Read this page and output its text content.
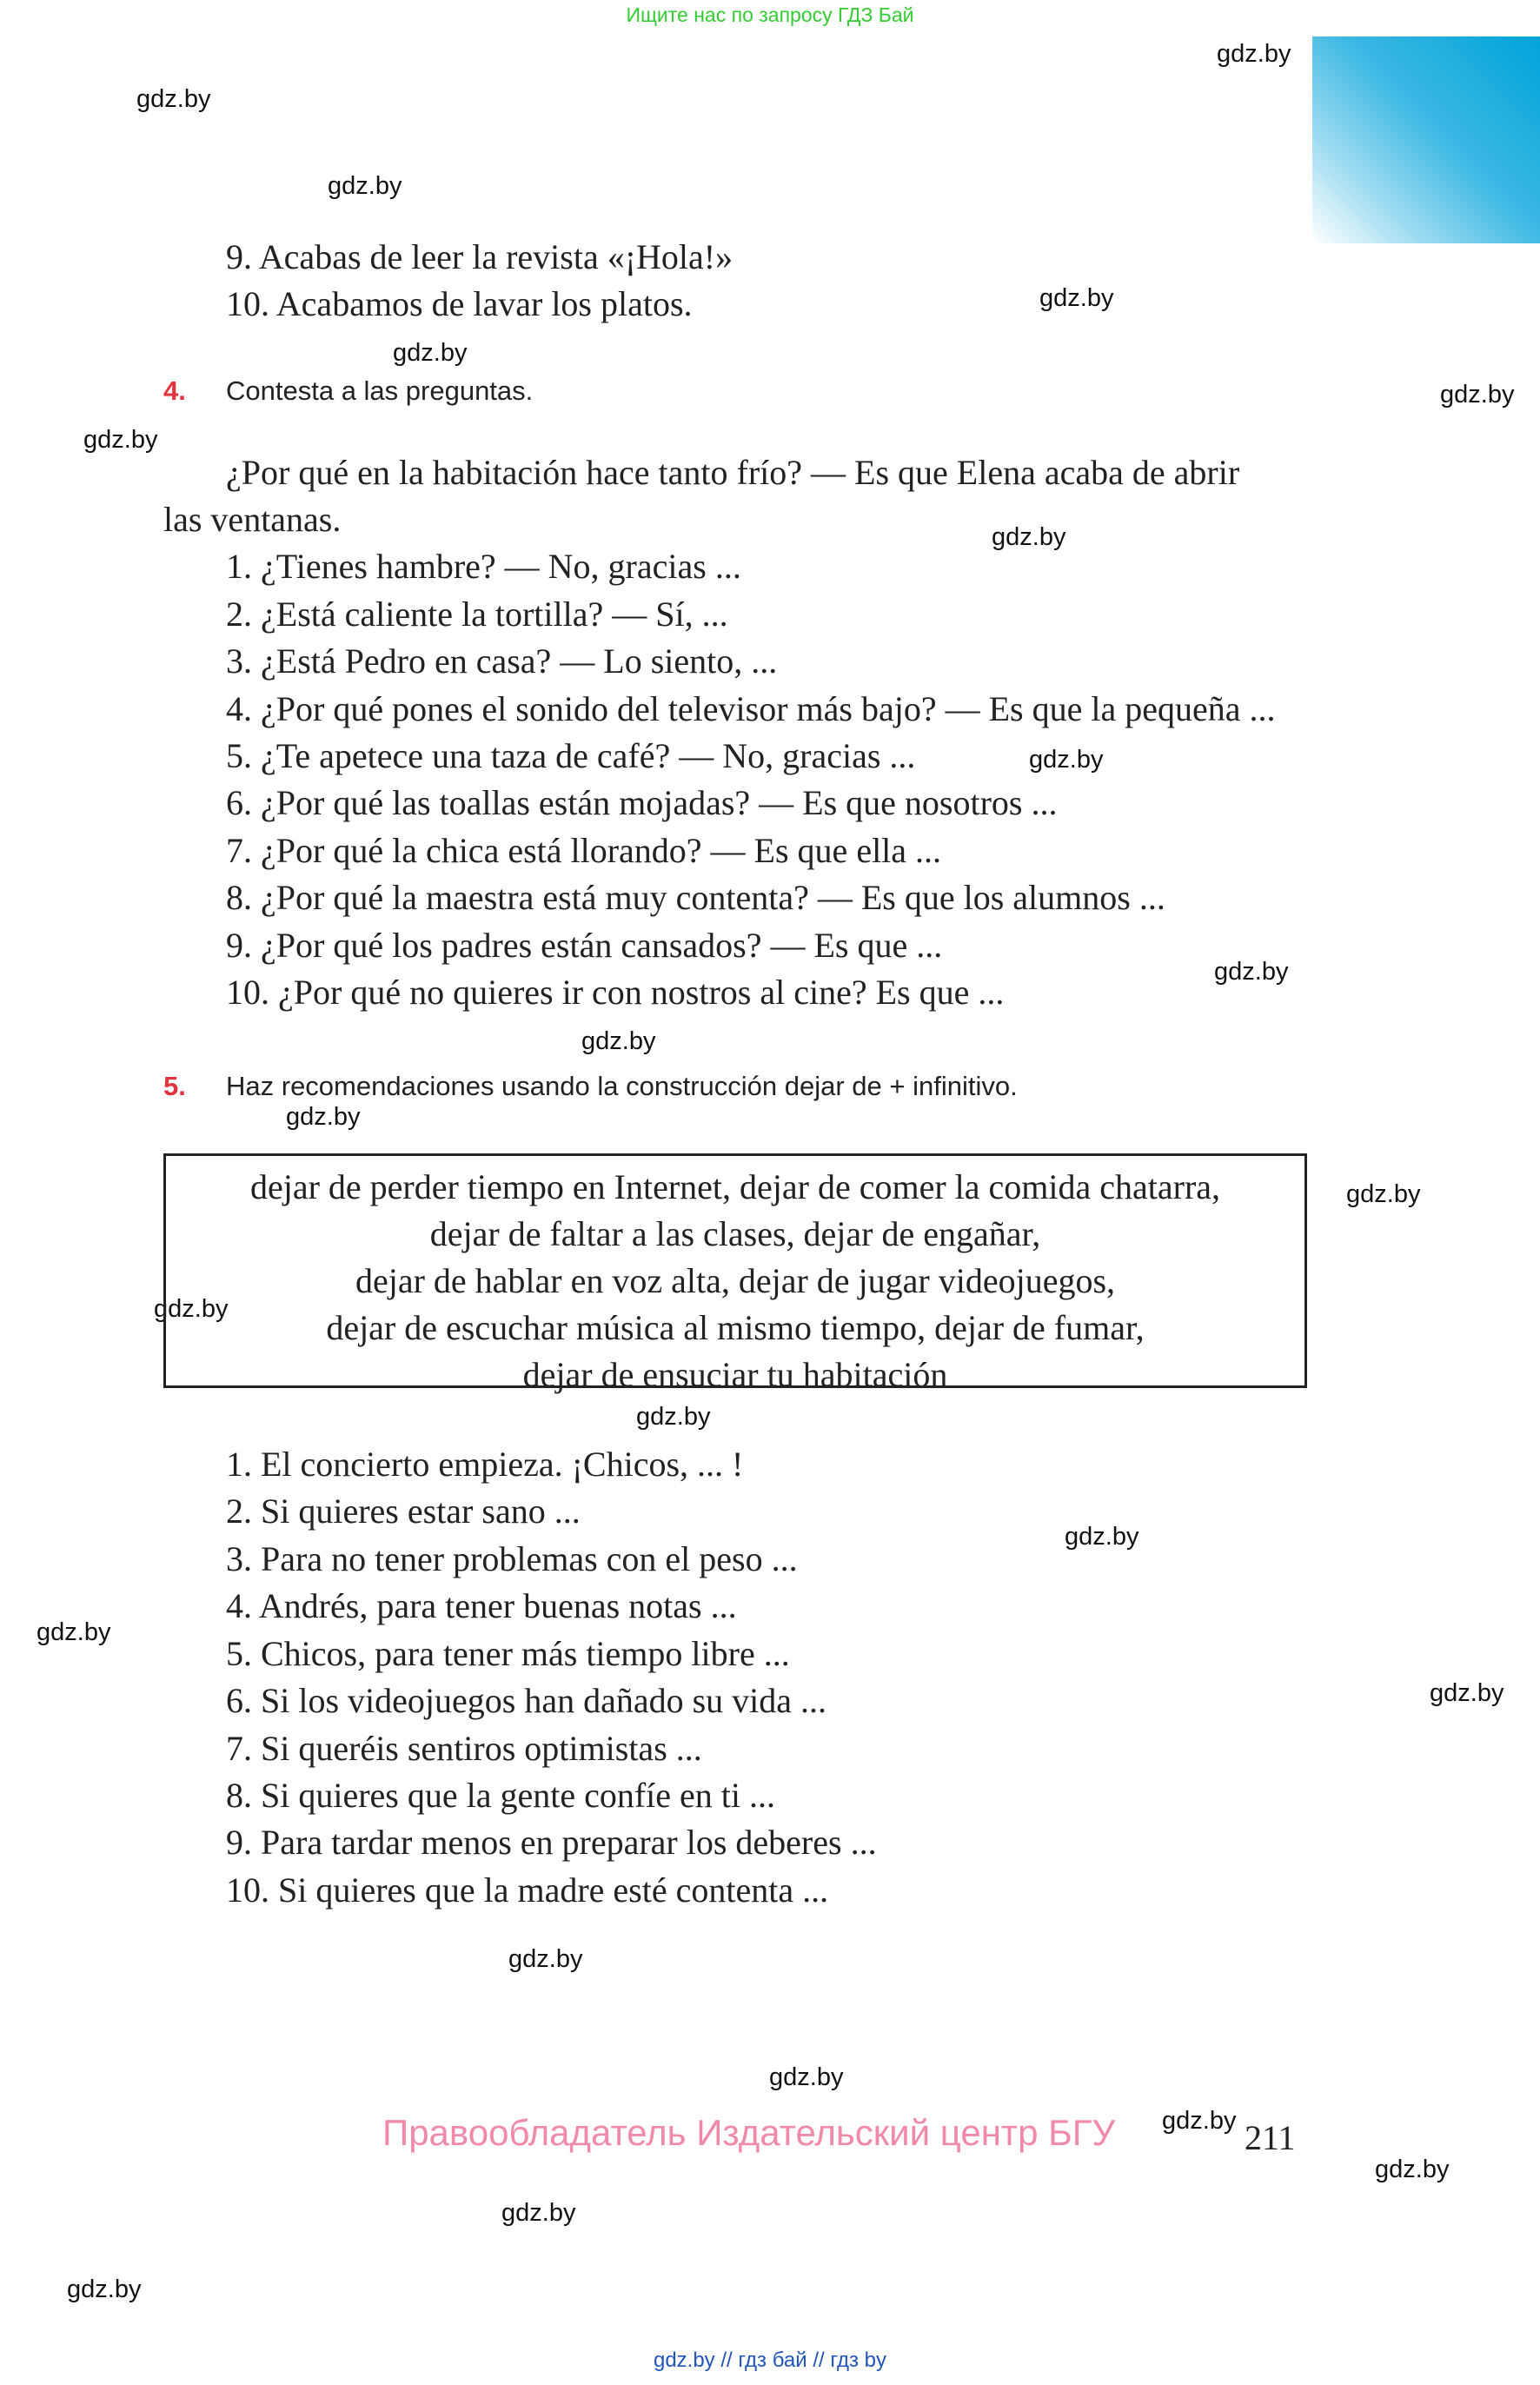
Ищите нас по запросу ГДЗ Бай
gdz.by
gdz.by
gdz.by
gdz.by
gdz.by
gdz.by
gdz.by
gdz.by
gdz.by
gdz.by
gdz.by
gdz.by
gdz.by
gdz.by
gdz.by
gdz.by
gdz.by
gdz.by
gdz.by
gdz.by
gdz.by
gdz.by
gdz.by
gdz.by
9. Acabas de leer la revista «¡Hola!»
10. Acabamos de lavar los platos.
4. Contesta a las preguntas.
¿Por qué en la habitación hace tanto frío? — Es que Elena acaba de abrir
las ventanas.
1. ¿Tienes hambre? — No, gracias ...
2. ¿Está caliente la tortilla? — Sí, ...
3. ¿Está Pedro en casa? — Lo siento, ...
4. ¿Por qué pones el sonido del televisor más bajo? — Es que la pequeña ...
5. ¿Te apetece una taza de café? — No, gracias ...
6. ¿Por qué las toallas están mojadas? — Es que nosotros ...
7. ¿Por qué la chica está llorando? — Es que ella ...
8. ¿Por qué la maestra está muy contenta? — Es que los alumnos ...
9. ¿Por qué los padres están cansados? — Es que ...
10. ¿Por qué no quieres ir con nostros al cine? Es que ...
5. Haz recomendaciones usando la construcción dejar de + infinitivo.
dejar de perder tiempo en Internet, dejar de comer la comida chatarra,
dejar de faltar a las clases, dejar de engañar,
dejar de hablar en voz alta, dejar de jugar videojuegos,
dejar de escuchar música al mismo tiempo, dejar de fumar,
dejar de ensuciar tu habitación
1. El concierto empieza. ¡Chicos, ... !
2. Si quieres estar sano ...
3. Para no tener problemas con el peso ...
4. Andrés, para tener buenas notas ...
5. Chicos, para tener más tiempo libre ...
6. Si los videojuegos han dañado su vida ...
7. Si queréis sentiros optimistas ...
8. Si quieres que la gente confíe en ti ...
9. Para tardar menos en preparar los deberes ...
10. Si quieres que la madre esté contenta ...
Правообладатель Издательский центр БГУ	211
gdz.by // гдз бай // гдз by
